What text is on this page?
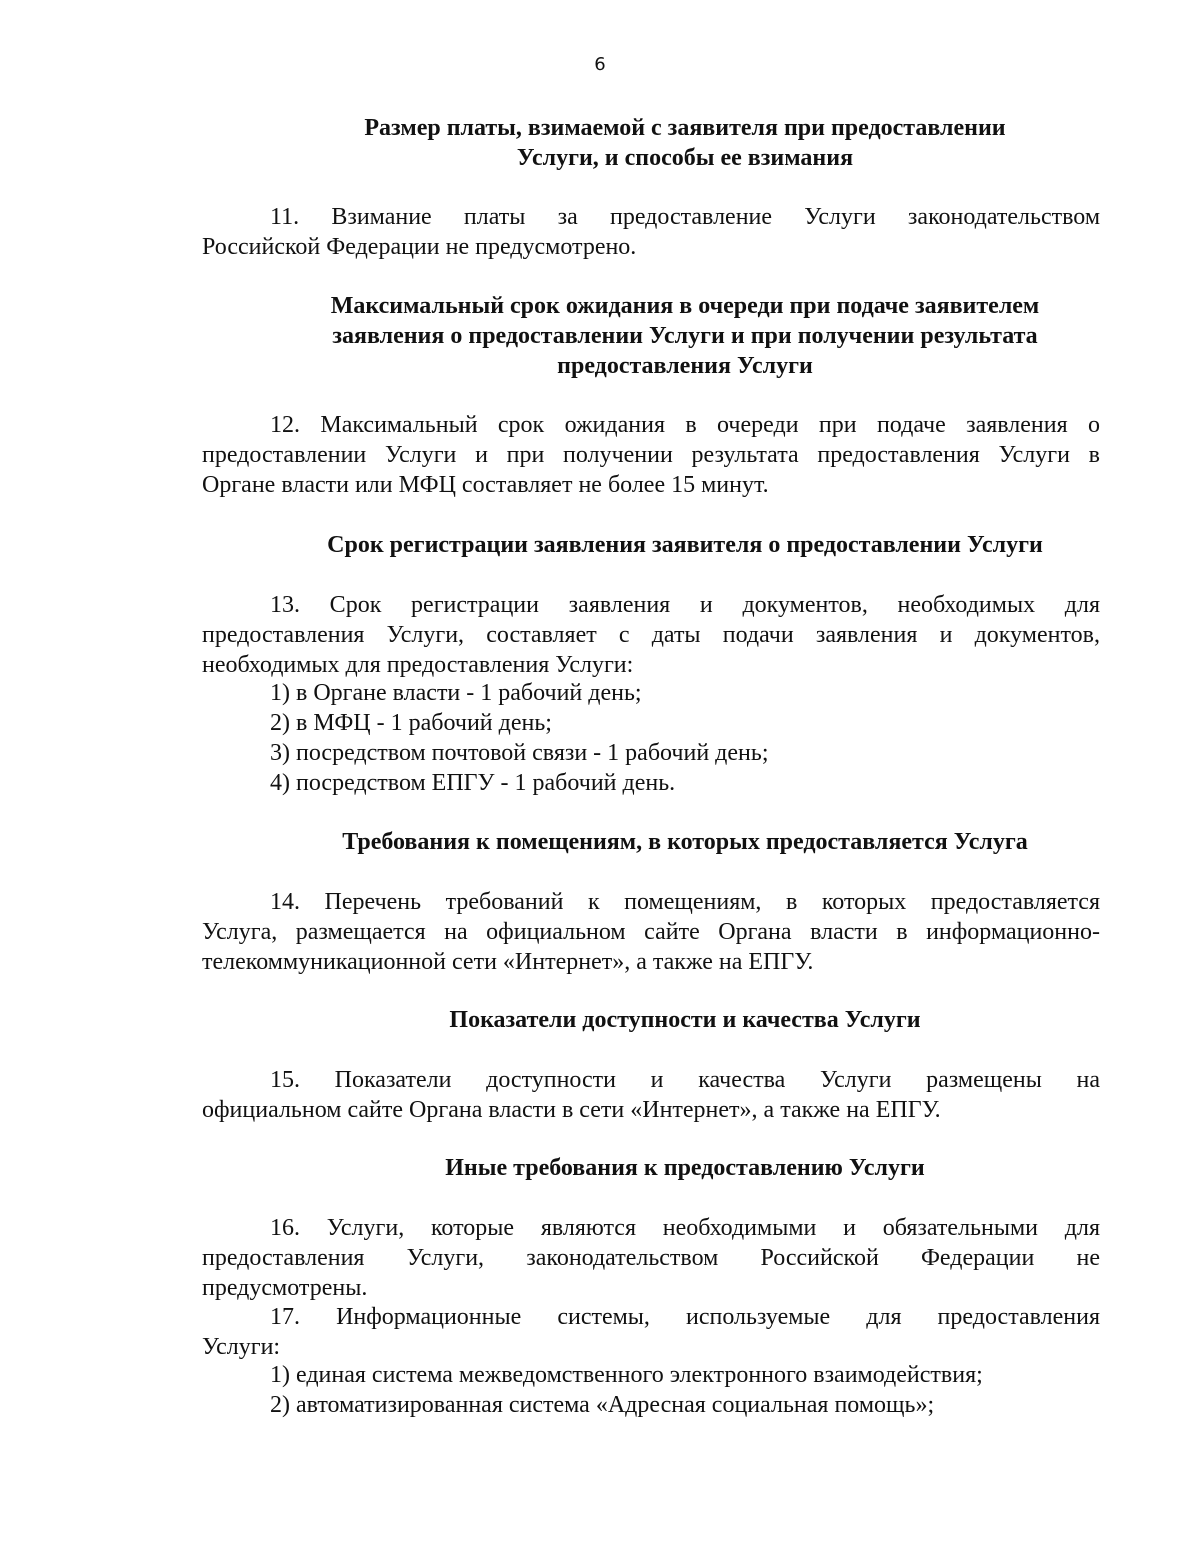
6
Размер платы, взимаемой с заявителя при предоставлении
Услуги, и способы ее взимания
11. Взимание платы за предоставление Услуги законодательством
Российской Федерации не предусмотрено.
Максимальный срок ожидания в очереди при подаче заявителем
заявления о предоставлении Услуги и при получении результата
предоставления Услуги
12. Максимальный срок ожидания в очереди при подаче заявления о
предоставлении Услуги и при получении результата предоставления Услуги в
Органе власти или МФЦ составляет не более 15 минут.
Срок регистрации заявления заявителя о предоставлении Услуги
13. Срок регистрации заявления и документов, необходимых для
предоставления Услуги, составляет с даты подачи заявления и документов,
необходимых для предоставления Услуги:
1) в Органе власти - 1 рабочий день;
2) в МФЦ - 1 рабочий день;
3) посредством почтовой связи - 1 рабочий день;
4) посредством ЕПГУ - 1 рабочий день.
Требования к помещениям, в которых предоставляется Услуга
14. Перечень требований к помещениям, в которых предоставляется
Услуга, размещается на официальном сайте Органа власти в информационно-
телекоммуникационной сети «Интернет», а также на ЕПГУ.
Показатели доступности и качества Услуги
15. Показатели доступности и качества Услуги размещены на
официальном сайте Органа власти в сети «Интернет», а также на ЕПГУ.
Иные требования к предоставлению Услуги
16. Услуги, которые являются необходимыми и обязательными для
предоставления Услуги, законодательством Российской Федерации не
предусмотрены.
17. Информационные системы, используемые для предоставления
Услуги:
1) единая система межведомственного электронного взаимодействия;
2) автоматизированная система «Адресная социальная помощь»;
